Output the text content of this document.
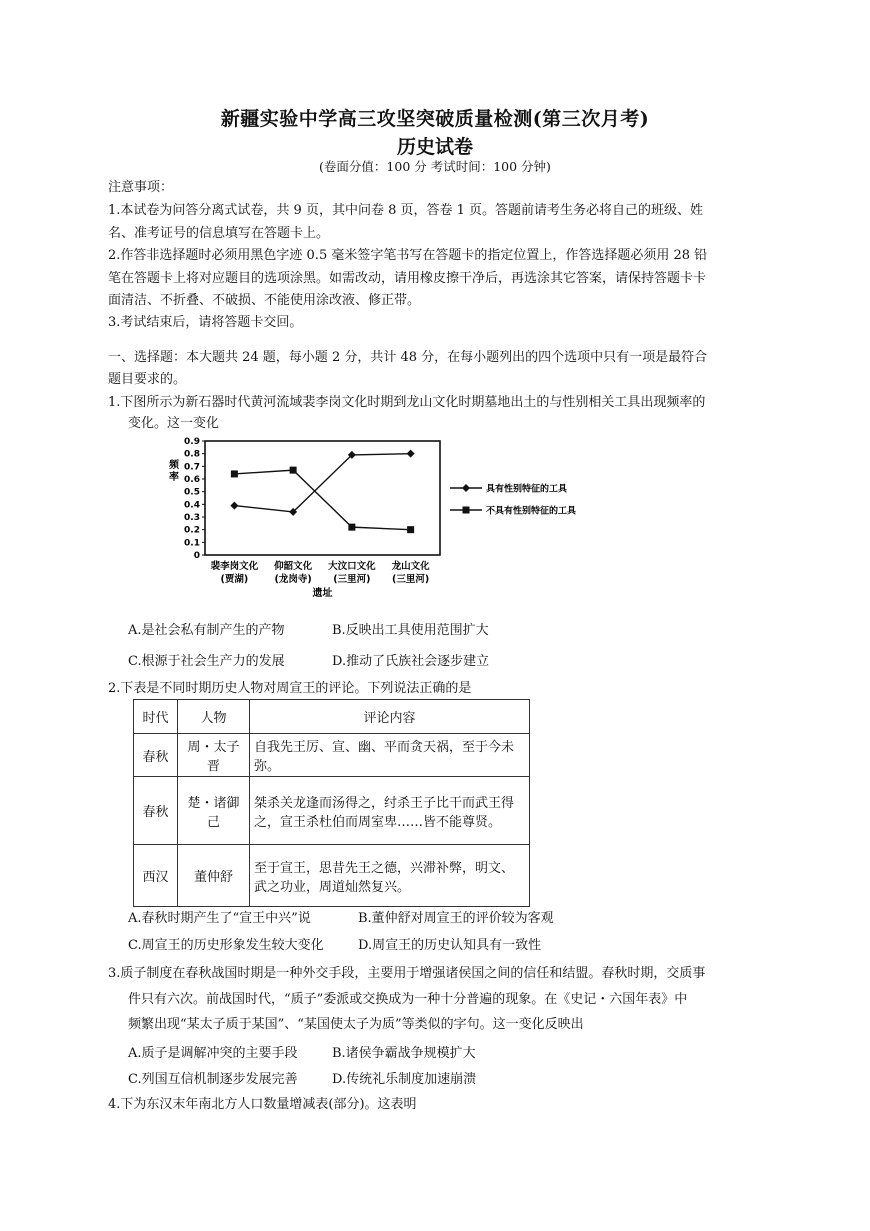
新疆实验中学高三攻坚突破质量检测(第三次月考)
历史试卷
(卷面分值：100 分 考试时间：100 分钟)
注意事项：
1.本试卷为问答分离式试卷，共 9 页，其中问卷 8 页，答卷 1 页。答题前请考生务必将自己的班级、姓
名、准考证号的信息填写在答题卡上。
2.作答非选择题时必须用黑色字迹 0.5 毫米签字笔书写在答题卡的指定位置上，作答选择题必须用 28 铅
笔在答题卡上将对应题目的选项涂黑。如需改动，请用橡皮擦干净后，再选涂其它答案，请保持答题卡卡
面清洁、不折叠、不破损、不能使用涂改液、修正带。
3.考试结束后，请将答题卡交回。
一、选择题：本大题共 24 题，每小题 2 分，共计 48 分，在每小题列出的四个选项中只有一项是最符合
题目要求的。
1.下图所示为新石器时代黄河流域裴李岗文化时期到龙山文化时期墓地出土的与性别相关工具出现频率的
变化。这一变化
0.9
0.8
0.7
0.6
0.5
0.4
0.3
0.2
0.1
0
频
率
裴李岗文化
(贾湖)
仰韶文化
(龙岗寺)
大汶口文化
(三里河)
龙山文化
(三里河)
遗址
具有性别特征的工具
不具有性别特征的工具
A.是社会私有制产生的产物	B.反映出工具使用范围扩大
C.根源于社会生产力的发展	D.推动了氏族社会逐步建立
2.下表是不同时期历史人物对周宣王的评论。下列说法正确的是
时代	人物	评论内容
春秋	周・太子晋	自我先王厉、宣、幽、平而贪天祸，至于今未弥。
春秋	楚・诸御己	桀杀关龙逢而汤得之，纣杀王子比干而武王得之，宣王杀杜伯而周室卑……皆不能尊贤。
西汉	董仲舒	至于宣王，思昔先王之德，兴滞补弊，明文、武之功业，周道灿然复兴。
A.春秋时期产生了“宣王中兴”说	B.董仲舒对周宣王的评价较为客观
C.周宣王的历史形象发生较大变化	D.周宣王的历史认知具有一致性
3.质子制度在春秋战国时期是一种外交手段，主要用于增强诸侯国之间的信任和结盟。春秋时期，交质事
件只有六次。前战国时代，“质子”委派或交换成为一种十分普遍的现象。在《史记・六国年表》中
频繁出现“某太子质于某国”、“某国使太子为质”等类似的字句。这一变化反映出
A.质子是调解冲突的主要手段	B.诸侯争霸战争规模扩大
C.列国互信机制逐步发展完善	D.传统礼乐制度加速崩溃
4.下为东汉末年南北方人口数量增减表(部分)。这表明
